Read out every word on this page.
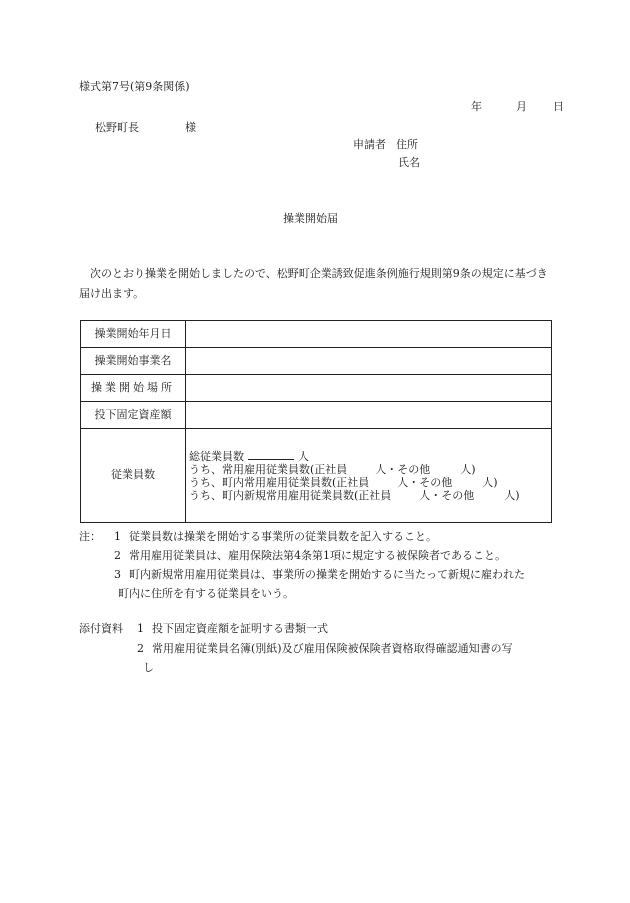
様式第7号(第9条関係)
年	月 日
松野町長	様
申請者 住所
氏名
操業開始届
次のとおり操業を開始しましたので、松野町企業誘致促進条例施行規則第9条の規定に基づき届け出ます。
操業開始年月日	
操業開始事業名	
操業開始場所	
投下固定資産額	
従業員数	総従業員数 人
うち、常用雇用従業員数(正社員 人・その他 人)
うち、町内常用雇用従業員数(正社員 人・その他 人)
うち、町内新規常用雇用従業員数(正社員 人・その他 人)
注： 1 従業員数は操業を開始する事業所の従業員数を記入すること。
2 常用雇用従業員は、雇用保険法第4条第1項に規定する被保険者であること。
3 町内新規常用雇用従業員は、事業所の操業を開始するに当たって新規に雇われた
町内に住所を有する従業員をいう。
添付資料 1 投下固定資産額を証明する書類一式
2 常用雇用従業員名簿(別紙)及び雇用保険被保険者資格取得確認通知書の写
し
